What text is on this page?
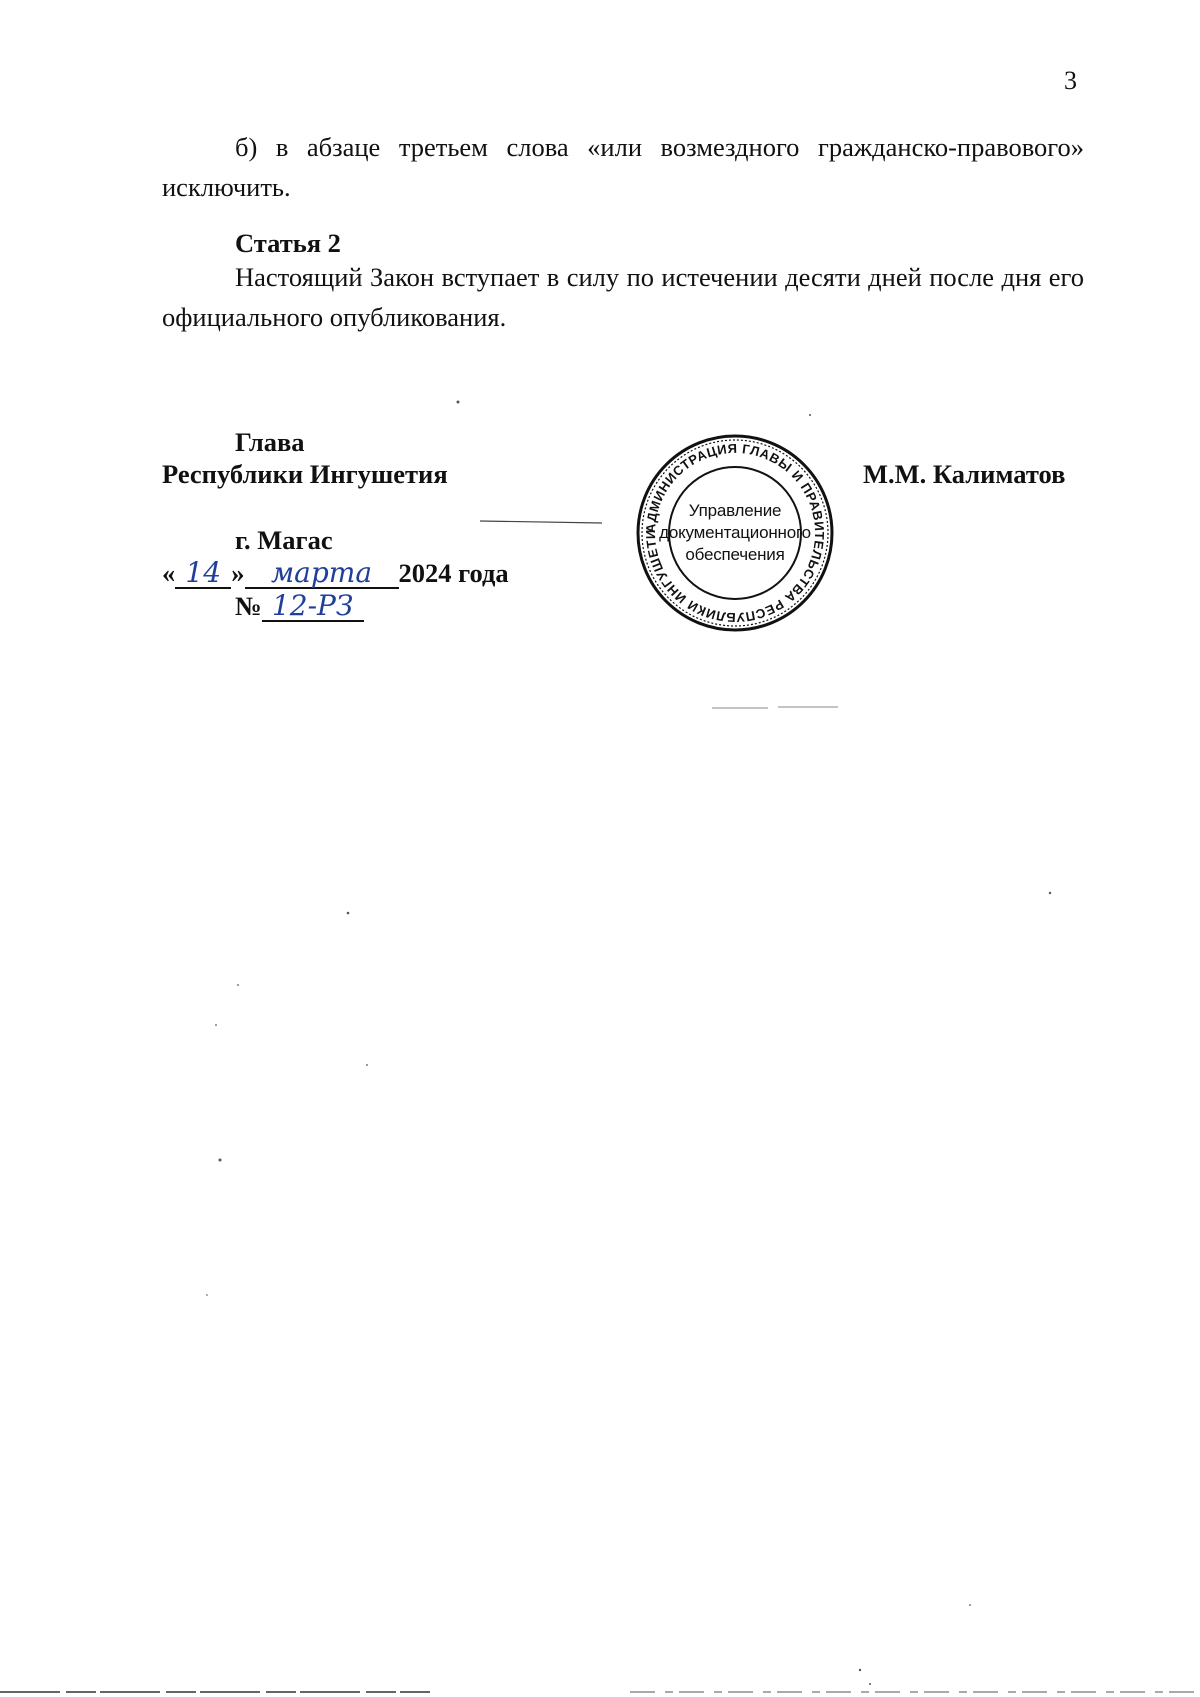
3

б) в абзаце третьем слова «или возмездного гражданско-правового» исключить.

Статья 2

Настоящий Закон вступает в силу по истечении десяти дней после дня его официального опубликования.

Глава
Республики Ингушетия	М.М. Калиматов
г. Магас
« 14 » марта 2024 года
№ 12-РЗ
АДМИНИСТРАЦИЯ ГЛАВЫ И ПРАВИТЕЛЬСТВА РЕСПУБЛИКИ ИНГУШЕТИ
Управление
документационного
обеспечения
